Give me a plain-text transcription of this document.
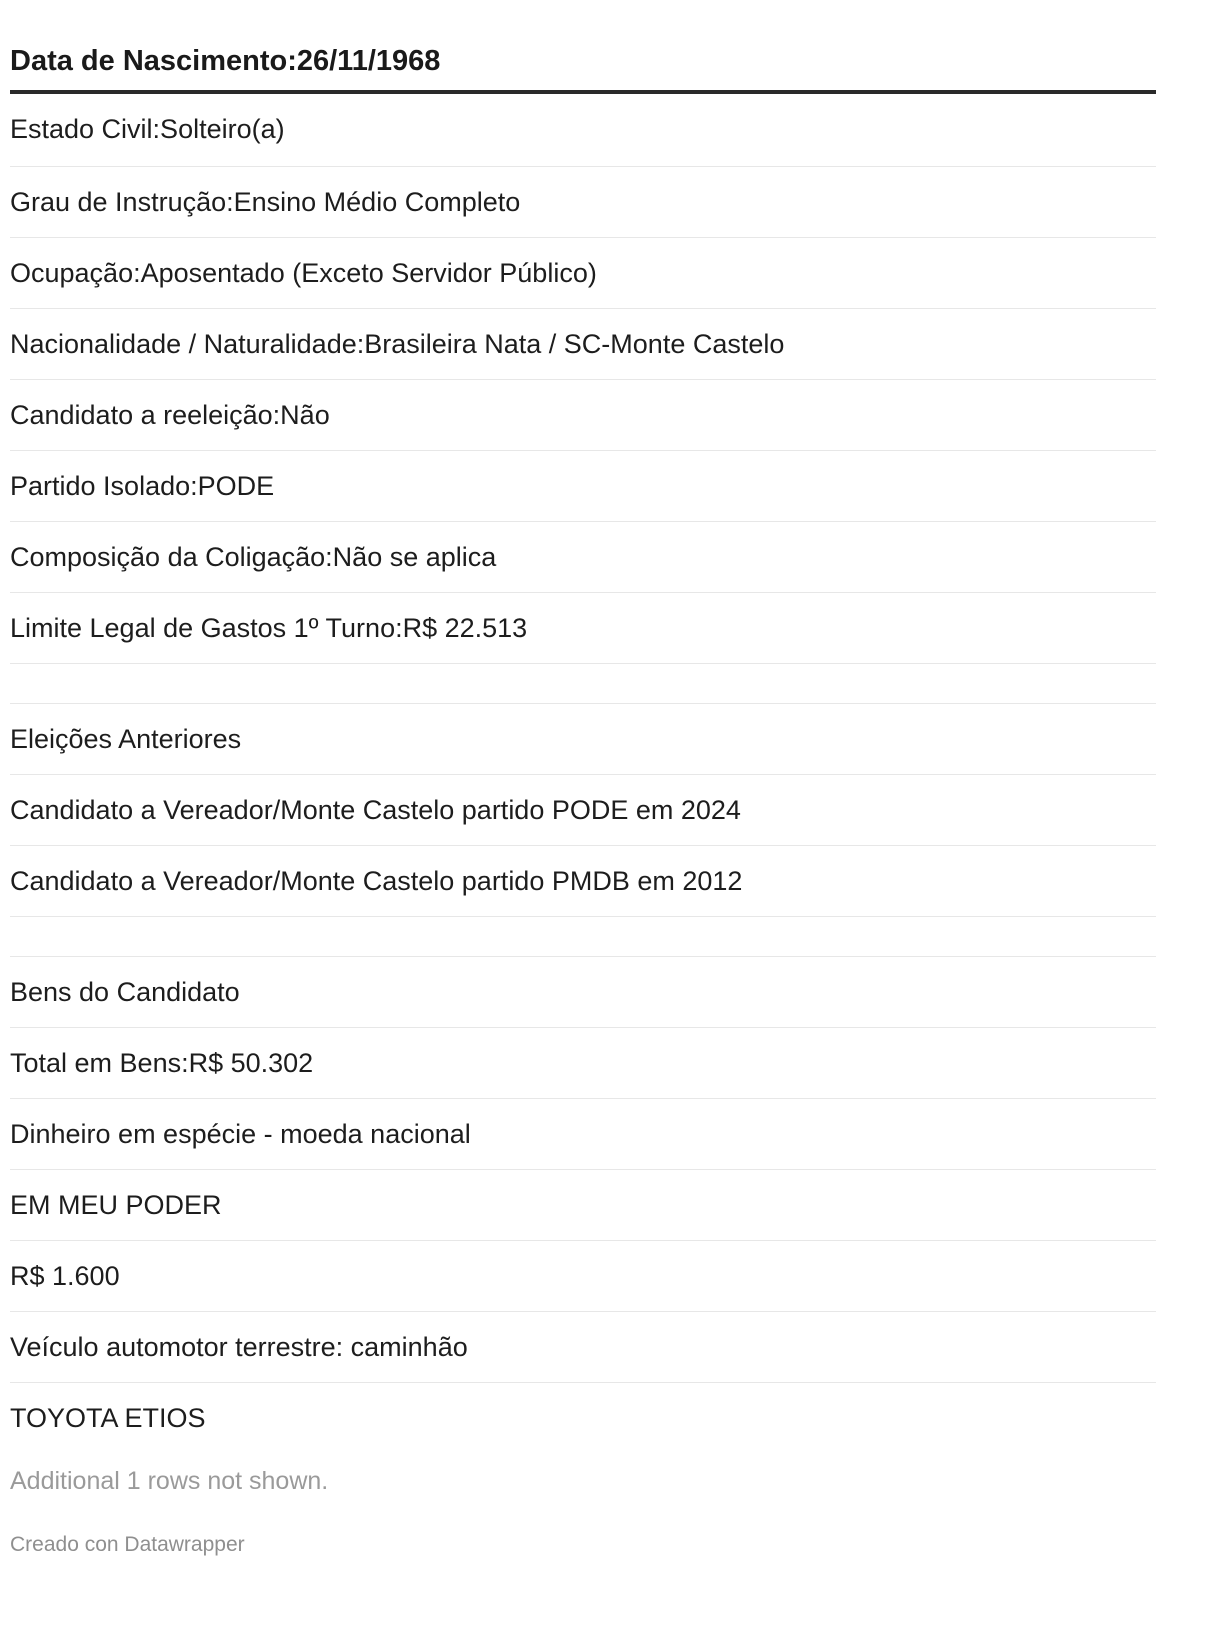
Data de Nascimento:26/11/1968
Estado Civil:Solteiro(a)
Grau de Instrução:Ensino Médio Completo
Ocupação:Aposentado (Exceto Servidor Público)
Nacionalidade / Naturalidade:Brasileira Nata / SC-Monte Castelo
Candidato a reeleição:Não
Partido Isolado:PODE
Composição da Coligação:Não se aplica
Limite Legal de Gastos 1º Turno:R$ 22.513
Eleições Anteriores
Candidato a Vereador/Monte Castelo partido PODE em 2024
Candidato a Vereador/Monte Castelo partido PMDB em 2012
Bens do Candidato
Total em Bens:R$ 50.302
Dinheiro em espécie - moeda nacional
EM MEU PODER
R$ 1.600
Veículo automotor terrestre: caminhão
TOYOTA ETIOS
Additional 1 rows not shown.
Creado con Datawrapper
